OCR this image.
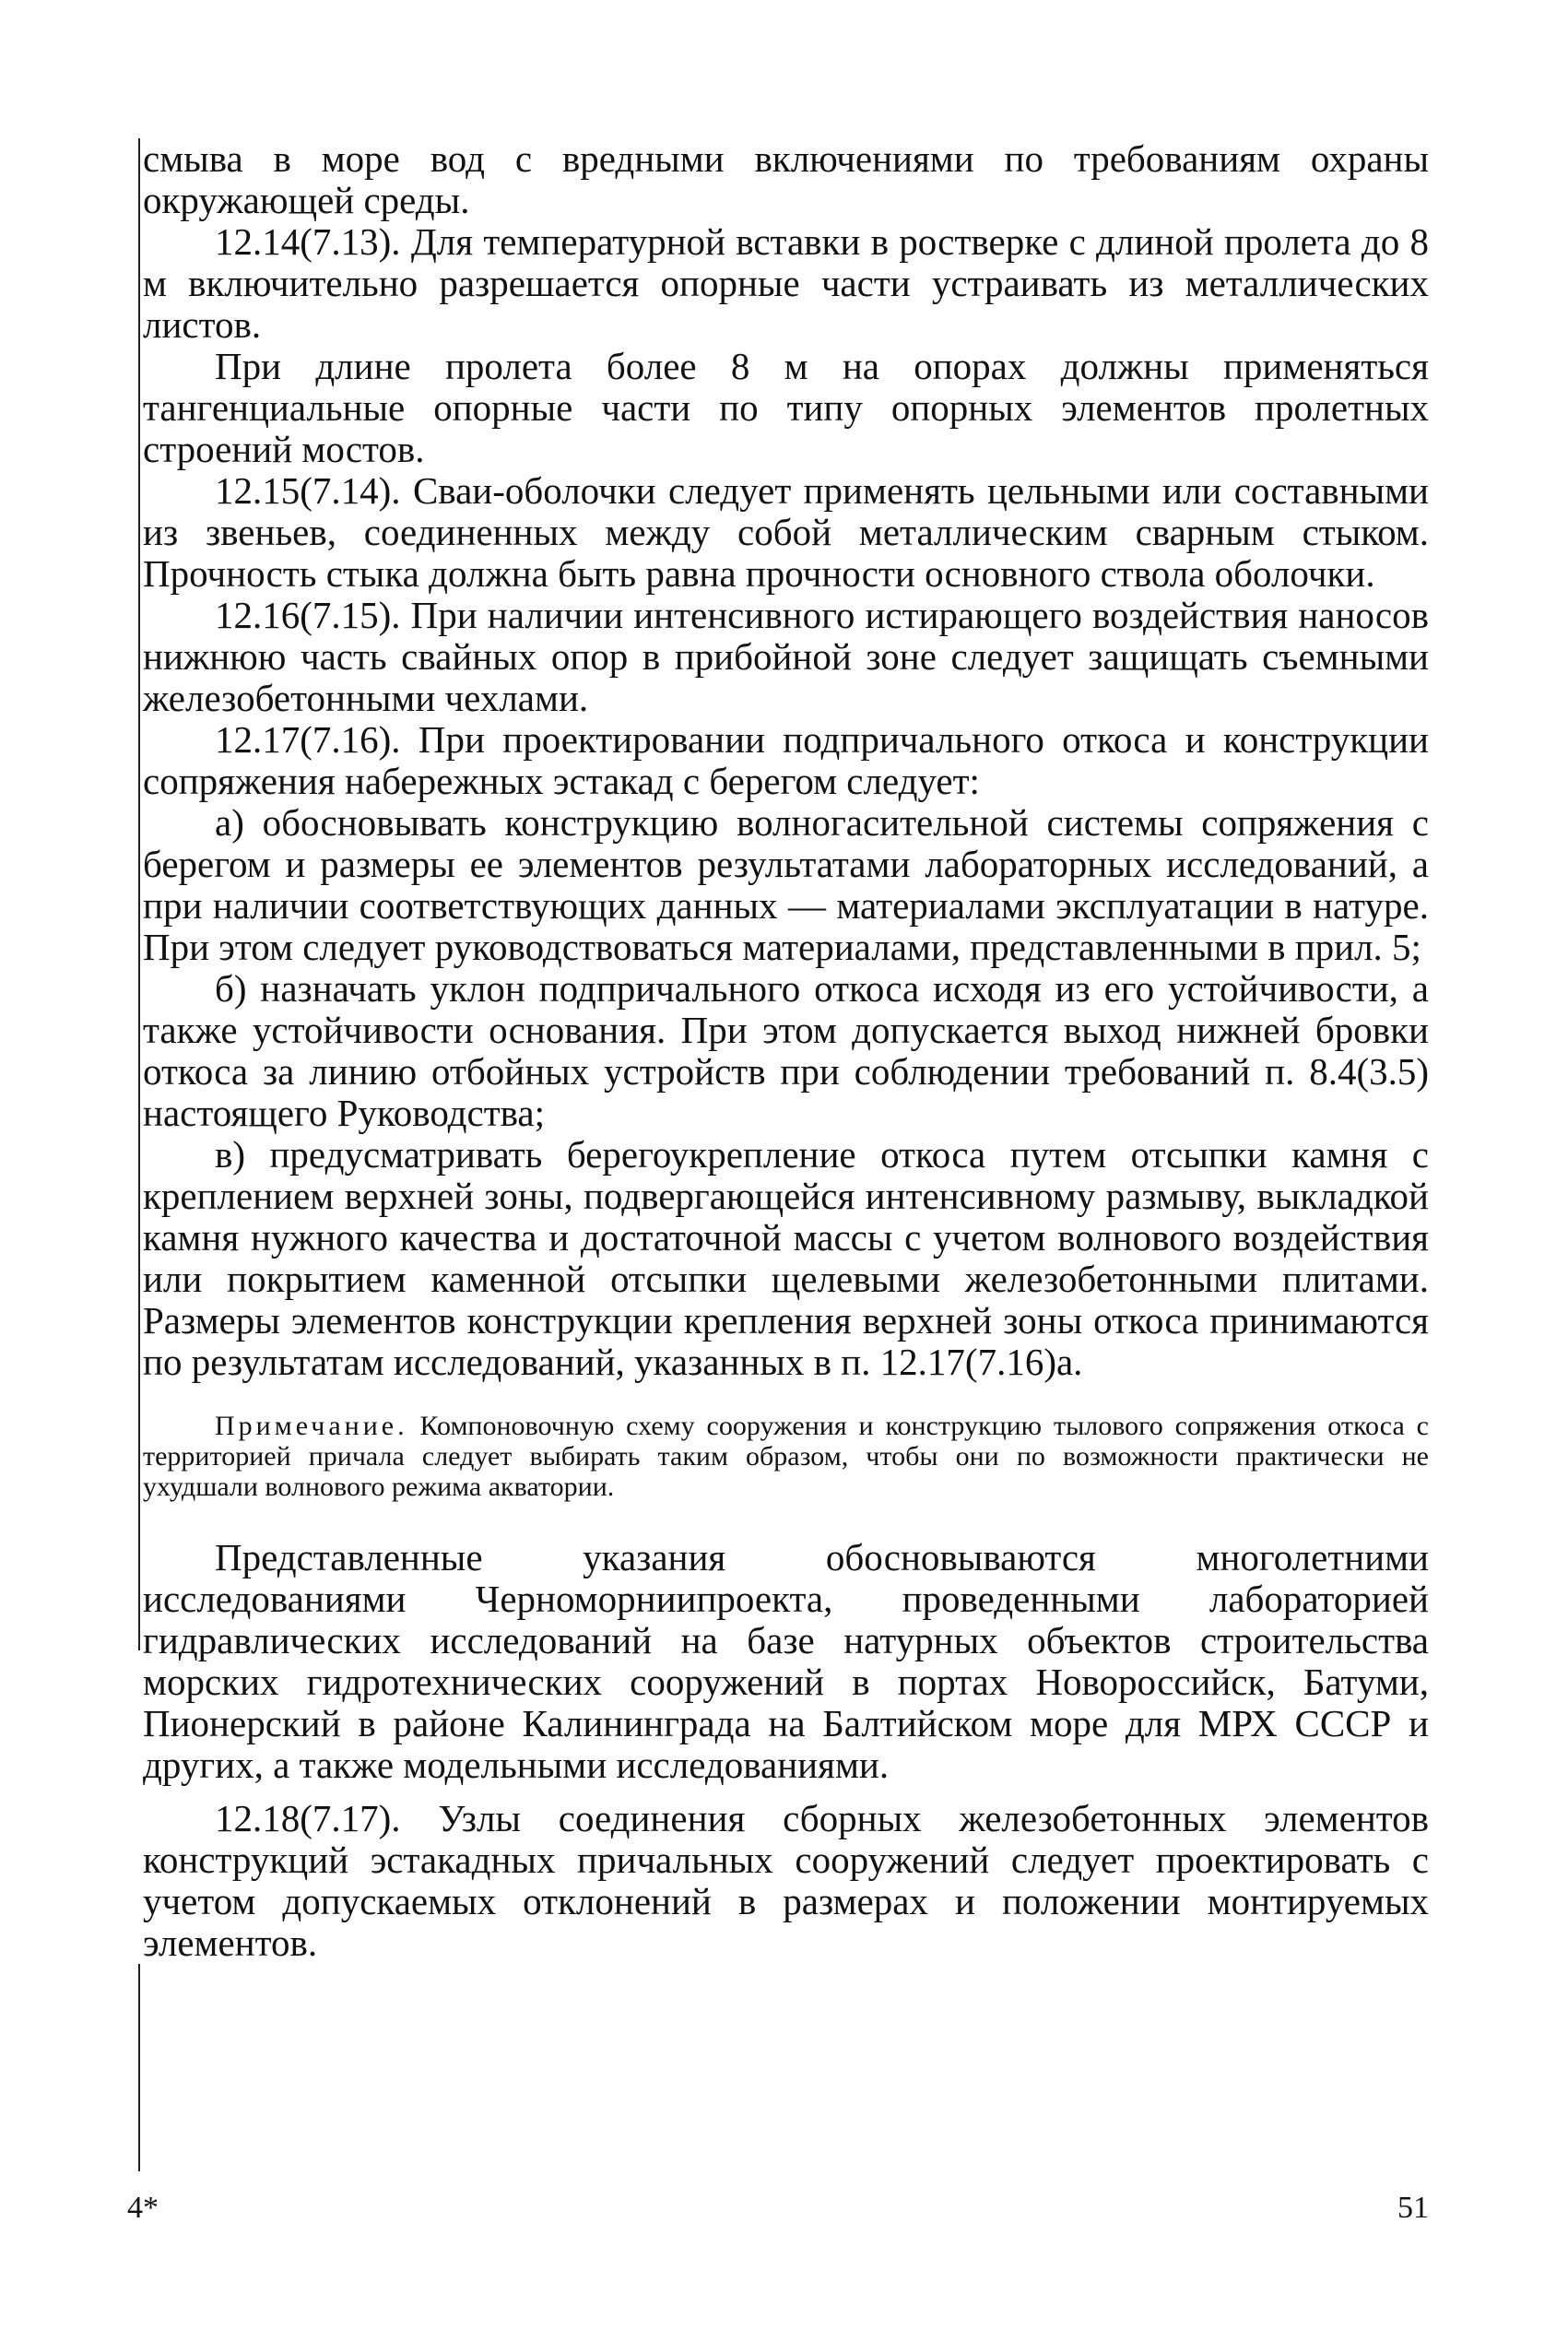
смыва в море вод с вредными включениями по требованиям охраны окружающей среды.

12.14(7.13). Для температурной вставки в ростверке с длиной пролета до 8 м включительно разрешается опорные части устраивать из металлических листов.

При длине пролета более 8 м на опорах должны применяться тангенциальные опорные части по типу опорных элементов пролетных строений мостов.

12.15(7.14). Сваи-оболочки следует применять цельными или составными из звеньев, соединенных между собой металлическим сварным стыком. Прочность стыка должна быть равна прочности основного ствола оболочки.

12.16(7.15). При наличии интенсивного истирающего воздействия наносов нижнюю часть свайных опор в прибойной зоне следует защищать съемными железобетонными чехлами.

12.17(7.16). При проектировании подпричального откоса и конструкции сопряжения набережных эстакад с берегом следует:

а) обосновывать конструкцию волногасительной системы сопряжения с берегом и размеры ее элементов результатами лабораторных исследований, а при наличии соответствующих данных — материалами эксплуатации в натуре. При этом следует руководствоваться материалами, представленными в прил. 5;

б) назначать уклон подпричального откоса исходя из его устойчивости, а также устойчивости основания. При этом допускается выход нижней бровки откоса за линию отбойных устройств при соблюдении требований п. 8.4(3.5) настоящего Руководства;

в) предусматривать берегоукрепление откоса путем отсыпки камня с креплением верхней зоны, подвергающейся интенсивному размыву, выкладкой камня нужного качества и достаточной массы с учетом волнового воздействия или покрытием каменной отсыпки щелевыми железобетонными плитами. Размеры элементов конструкции крепления верхней зоны откоса принимаются по результатам исследований, указанных в п. 12.17(7.16)а.

Примечание. Компоновочную схему сооружения и конструкцию тылового сопряжения откоса с территорией причала следует выбирать таким образом, чтобы они по возможности практически не ухудшали волнового режима акватории.

Представленные указания обосновываются многолетними исследованиями Черноморниипроекта, проведенными лабораторией гидравлических исследований на базе натурных объектов строительства морских гидротехнических сооружений в портах Новороссийск, Батуми, Пионерский в районе Калининграда на Балтийском море для МРХ СССР и других, а также модельными исследованиями.

12.18(7.17). Узлы соединения сборных железобетонных элементов конструкций эстакадных причальных сооружений следует проектировать с учетом допускаемых отклонений в размерах и положении монтируемых элементов.

4*	51
